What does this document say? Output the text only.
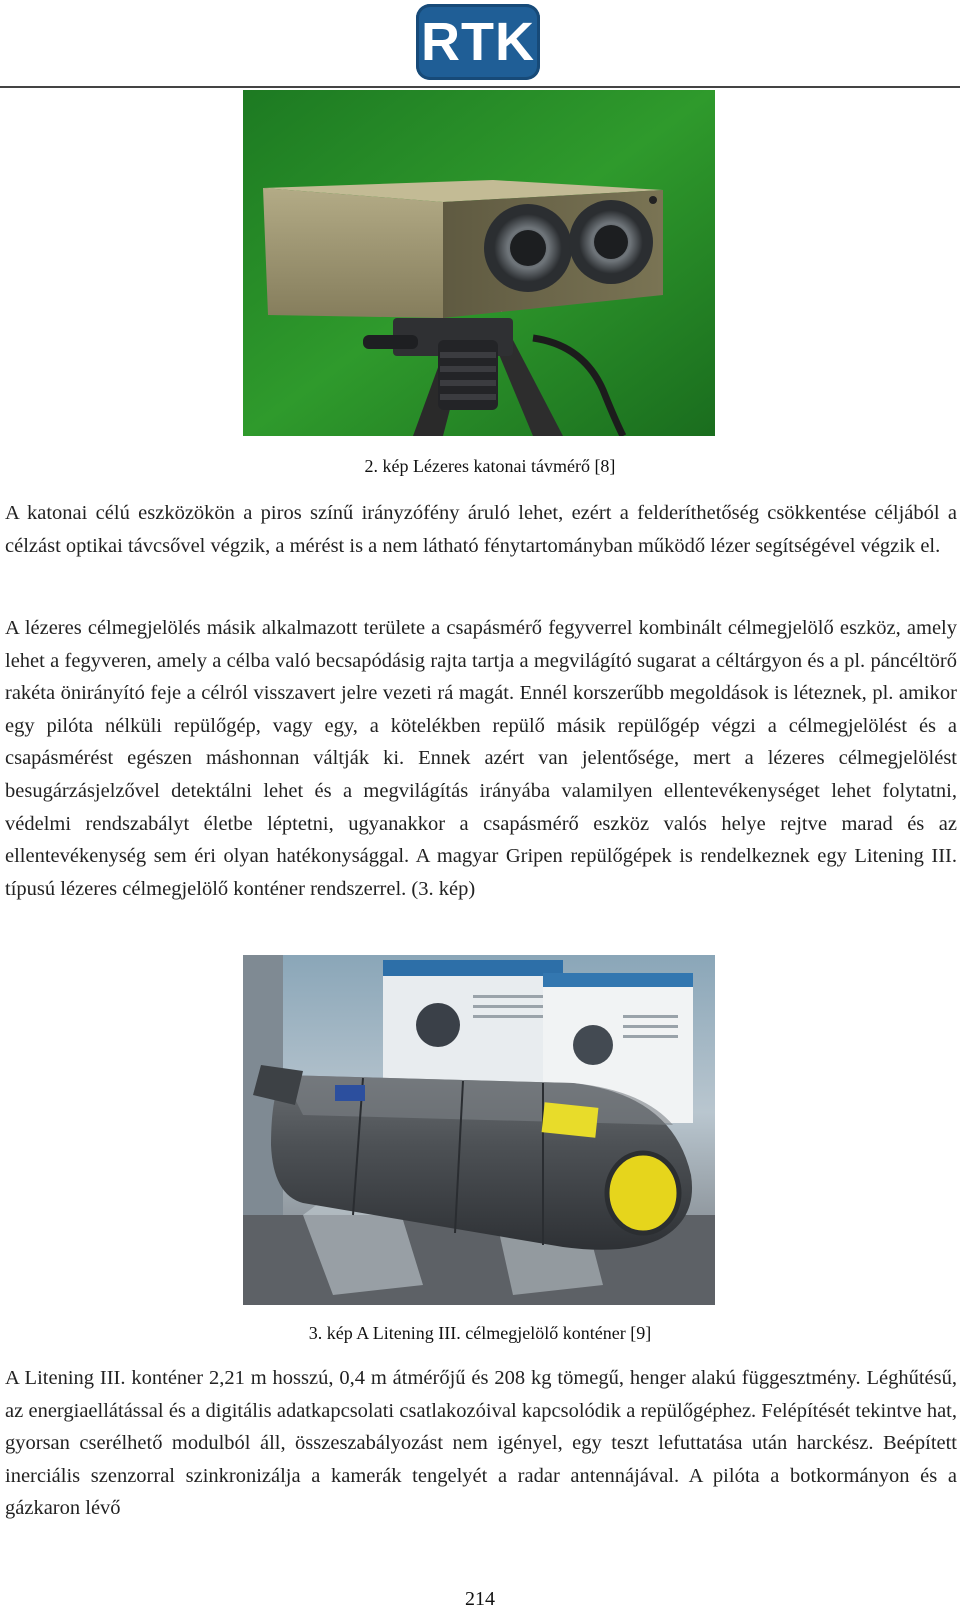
RTK
2. kép Lézeres katonai távmérő [8]

A katonai célú eszközökön a piros színű irányzófény áruló lehet, ezért a felderíthetőség csökkentése céljából a célzást optikai távcsővel végzik, a mérést is a nem látható fénytartományban működő lézer segítségével végzik el.

A lézeres célmegjelölés másik alkalmazott területe a csapásmérő fegyverrel kombinált célmegjelölő eszköz, amely lehet a fegyveren, amely a célba való becsapódásig rajta tartja a megvilágító sugarat a céltárgyon és a pl. páncéltörő rakéta önirányító feje a célról visszavert jelre vezeti rá magát. Ennél korszerűbb megoldások is léteznek, pl. amikor egy pilóta nélküli repülőgép, vagy egy, a kötelékben repülő másik repülőgép végzi a célmegjelölést és a csapásmérést egészen máshonnan váltják ki. Ennek azért van jelentősége, mert a lézeres célmegjelölést besugárzásjelzővel detektálni lehet és a megvilágítás irányába valamilyen ellentevékenységet lehet folytatni, védelmi rendszabályt életbe léptetni, ugyanakkor a csapásmérő eszköz valós helye rejtve marad és az ellentevékenység sem éri olyan hatékonysággal. A magyar Gripen repülőgépek is rendelkeznek egy Litening III. típusú lézeres célmegjelölő konténer rendszerrel. (3. kép)

3. kép A Litening III. célmegjelölő konténer [9]

A Litening III. konténer 2,21 m hosszú, 0,4 m átmérőjű és 208 kg tömegű, henger alakú függesztmény. Léghűtésű, az energiaellátással és a digitális adatkapcsolati csatlakozóival kapcsolódik a repülőgéphez. Felépítését tekintve hat, gyorsan cserélhető modulból áll, összeszabályozást nem igényel, egy teszt lefuttatása után harckész. Beépített inerciális szenzorral szinkronizálja a kamerák tengelyét a radar antennájával. A pilóta a botkormányon és a gázkaron lévő

214
